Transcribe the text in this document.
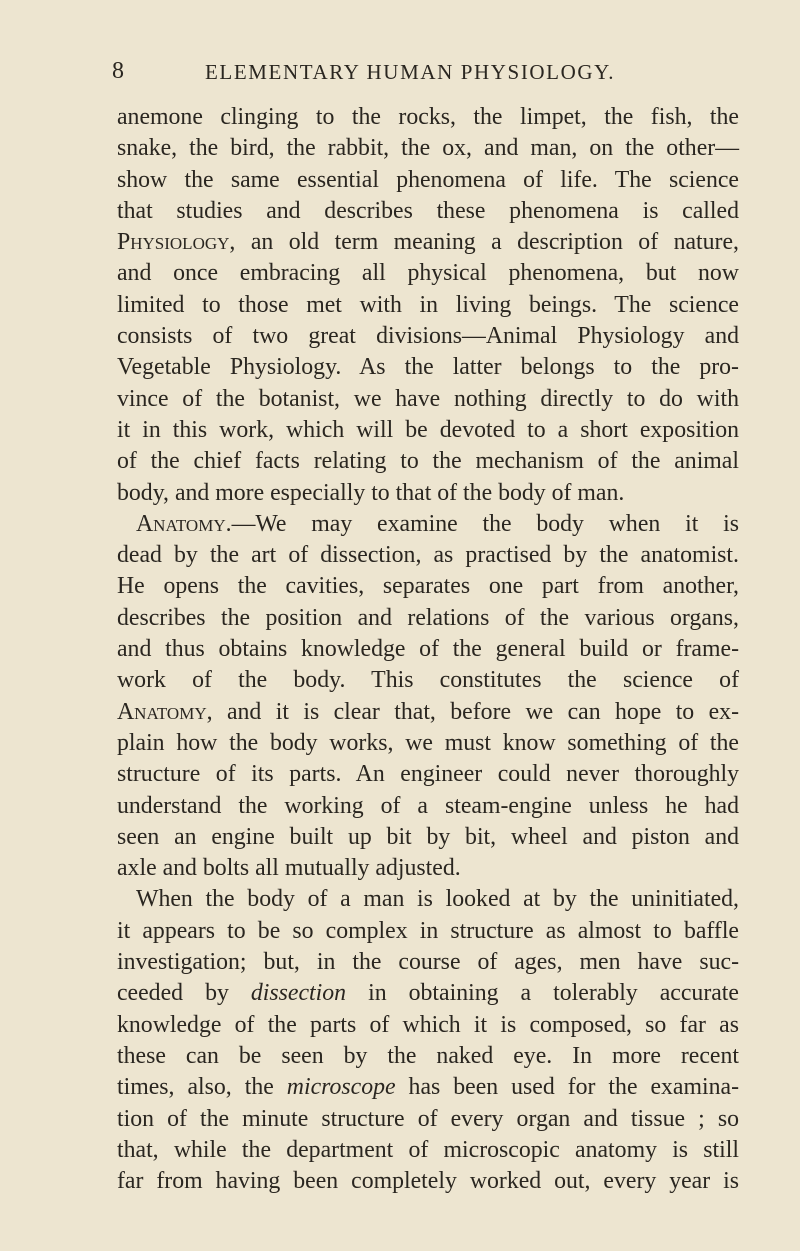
8	ELEMENTARY HUMAN PHYSIOLOGY.
anemone clinging to the rocks, the limpet, the fish, the
snake, the bird, the rabbit, the ox, and man, on the other—
show the same essential phenomena of life. The science
that studies and describes these phenomena is called
Physiology, an old term meaning a description of nature,
and once embracing all physical phenomena, but now
limited to those met with in living beings. The science
consists of two great divisions—Animal Physiology and
Vegetable Physiology. As the latter belongs to the pro-
vince of the botanist, we have nothing directly to do with
it in this work, which will be devoted to a short exposition
of the chief facts relating to the mechanism of the animal
body, and more especially to that of the body of man.
Anatomy.—We may examine the body when it is
dead by the art of dissection, as practised by the anatomist.
He opens the cavities, separates one part from another,
describes the position and relations of the various organs,
and thus obtains knowledge of the general build or frame-
work of the body. This constitutes the science of
Anatomy, and it is clear that, before we can hope to ex-
plain how the body works, we must know something of the
structure of its parts. An engineer could never thoroughly
understand the working of a steam-engine unless he had
seen an engine built up bit by bit, wheel and piston and
axle and bolts all mutually adjusted.
When the body of a man is looked at by the uninitiated,
it appears to be so complex in structure as almost to baffle
investigation; but, in the course of ages, men have suc-
ceeded by dissection in obtaining a tolerably accurate
knowledge of the parts of which it is composed, so far as
these can be seen by the naked eye. In more recent
times, also, the microscope has been used for the examina-
tion of the minute structure of every organ and tissue ; so
that, while the department of microscopic anatomy is still
far from having been completely worked out, every year is
